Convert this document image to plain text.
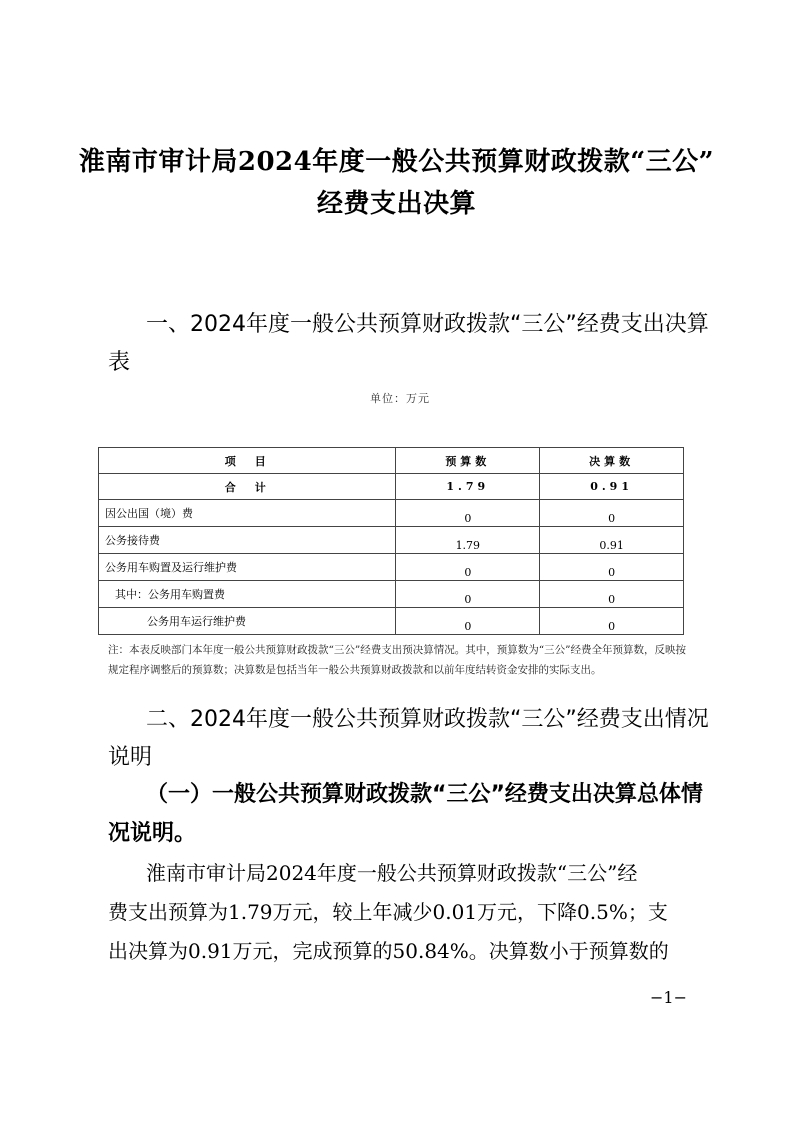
淮南市审计局2024年度一般公共预算财政拨款“三公”
经费支出决算
一、2024年度一般公共预算财政拨款“三公”经费支出决算
表
单位：万元
项　目	预算数	决算数
合　计	1.79	0.91
因公出国（境）费	0	0
公务接待费	1.79	0.91
公务用车购置及运行维护费	0	0
其中：公务用车购置费	0	0
公务用车运行维护费	0	0
注：本表反映部门本年度一般公共预算财政拨款“三公”经费支出预决算情况。其中，预算数为“三公”经费全年预算数，反映按规定程序调整后的预算数；决算数是包括当年一般公共预算财政拨款和以前年度结转资金安排的实际支出。
二、2024年度一般公共预算财政拨款“三公”经费支出情况
说明
（一）一般公共预算财政拨款“三公”经费支出决算总体情
况说明。
淮南市审计局2024年度一般公共预算财政拨款“三公”经
费支出预算为1.79万元，较上年减少0.01万元，下降0.5%；支
出决算为0.91万元，完成预算的50.84%。决算数小于预算数的
−1−
